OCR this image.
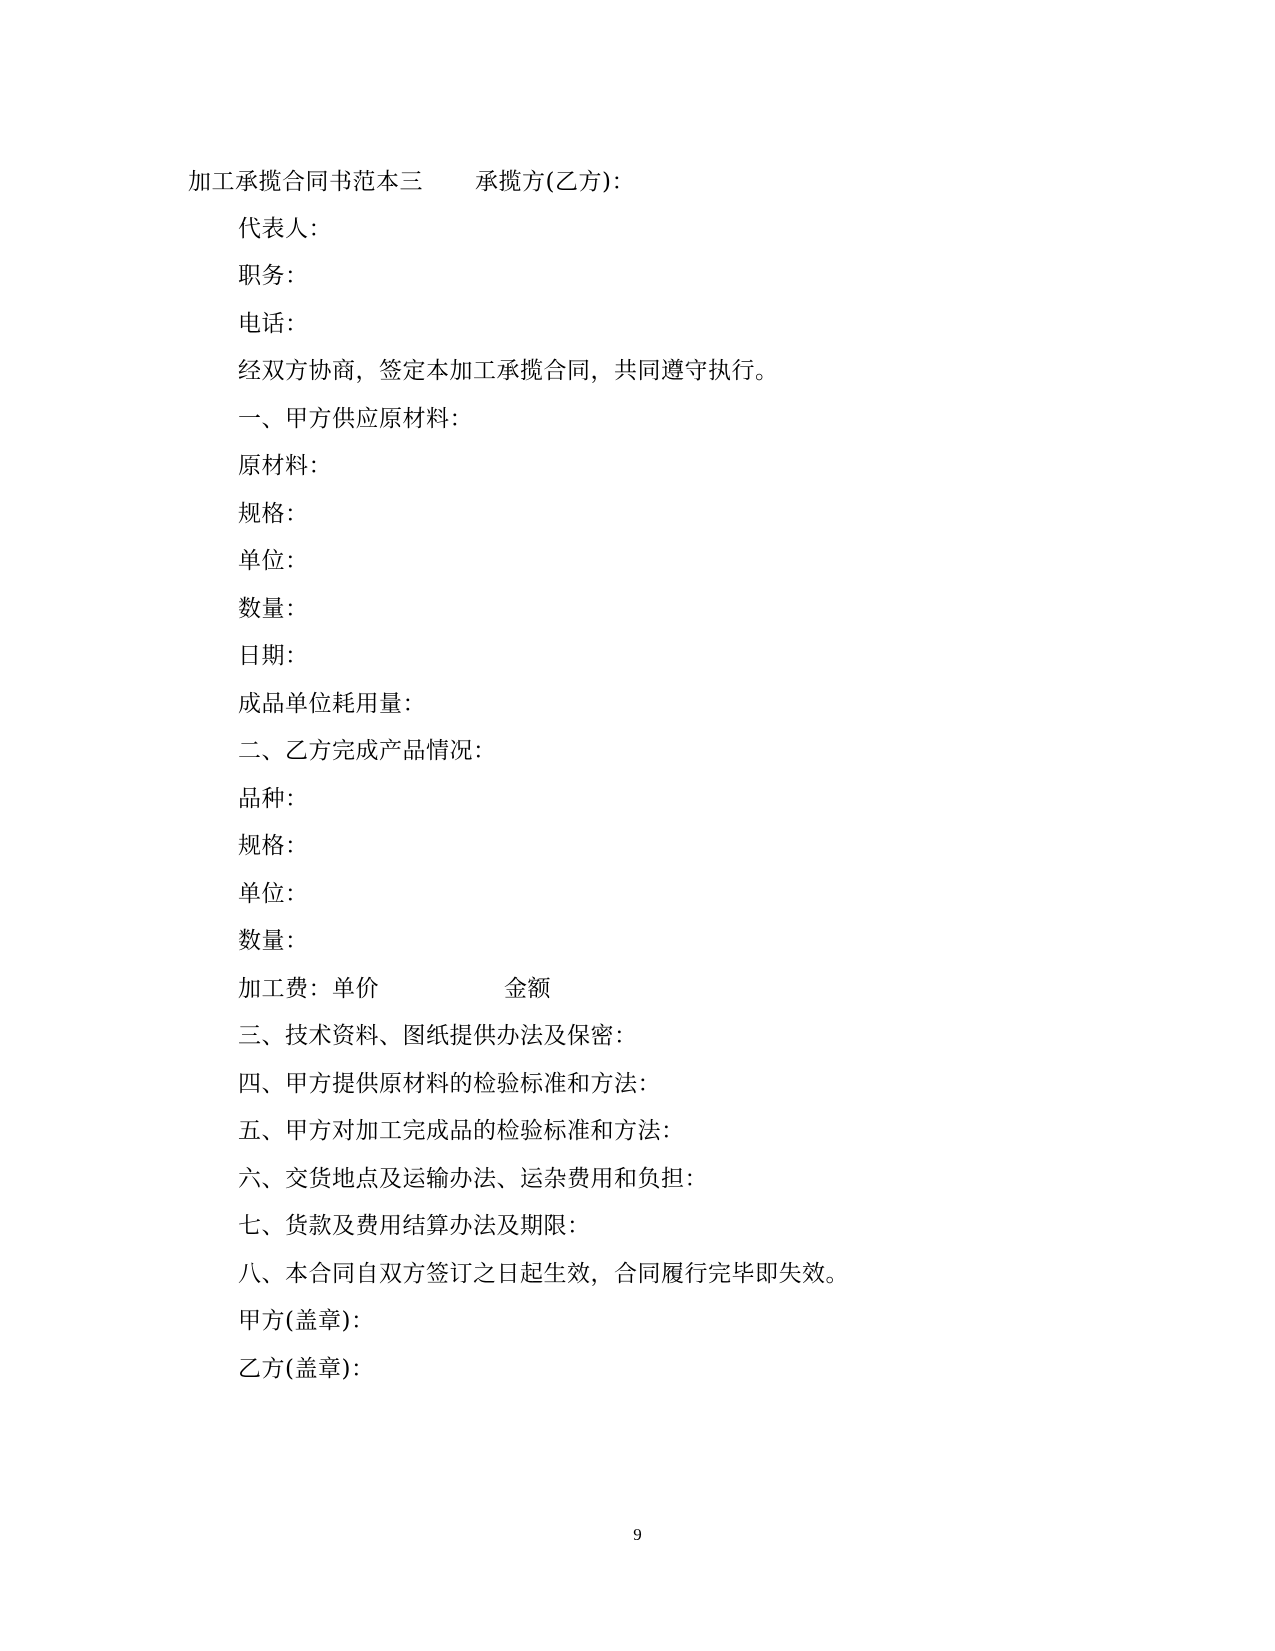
加工承揽合同书范本三 承揽方(乙方)：
代表人：
职务：
电话：
经双方协商，签定本加工承揽合同，共同遵守执行。
一、甲方供应原材料：
原材料：
规格：
单位：
数量：
日期：
成品单位耗用量：
二、乙方完成产品情况：
品种：
规格：
单位：
数量：
加工费：单价	金额
三、技术资料、图纸提供办法及保密：
四、甲方提供原材料的检验标准和方法：
五、甲方对加工完成品的检验标准和方法：
六、交货地点及运输办法、运杂费用和负担：
七、货款及费用结算办法及期限：
八、本合同自双方签订之日起生效，合同履行完毕即失效。
甲方(盖章)：
乙方(盖章)：
9
